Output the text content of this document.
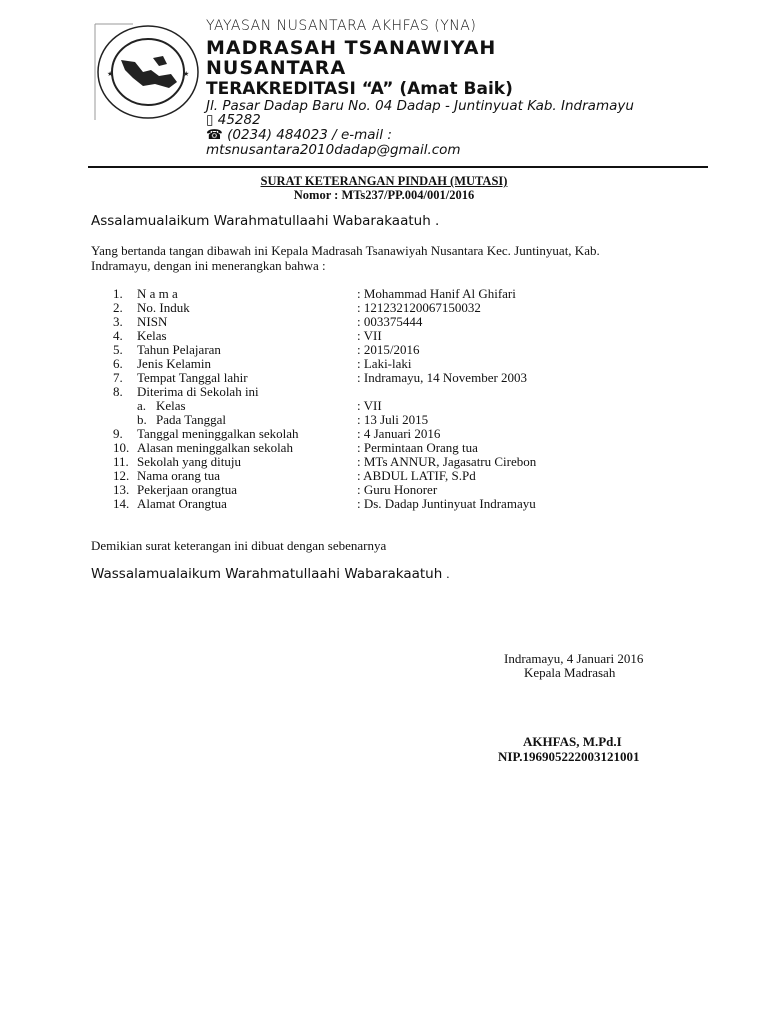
★	★
YAYASAN NUSANTARA AKHFAS (YNA)
MADRASAH TSANAWIYAH
NUSANTARA
TERAKREDITASI “A” (Amat Baik)
Jl. Pasar Dadap Baru No. 04 Dadap - Juntinyuat Kab. Indramayu
▯ 45282
☎ (0234) 484023 / e-mail :
mtsnusantara2010dadap@gmail.com
SURAT KETERANGAN PINDAH (MUTASI)
Nomor : MTs237/PP.004/001/2016
Assalamualaikum Warahmatullaahi Wabarakaatuh .
Yang bertanda tangan dibawah ini Kepala Madrasah Tsanawiyah Nusantara Kec. Juntinyuat, Kab.
Indramayu, dengan ini menerangkan bahwa :
1. N a m a	: Mohammad Hanif Al Ghifari
2. No. Induk	: 121232120067150032
3. NISN	: 003375444
4. Kelas	: VII
5. Tahun Pelajaran	: 2015/2016
6. Jenis Kelamin	: Laki-laki
7. Tempat Tanggal lahir	: Indramayu, 14 November 2003
8. Diterima di Sekolah ini
a. Kelas	: VII
b. Pada Tanggal	: 13 Juli 2015
9. Tanggal meninggalkan sekolah	: 4 Januari 2016
10. Alasan meninggalkan sekolah	: Permintaan Orang tua
11. Sekolah yang dituju	: MTs ANNUR, Jagasatru Cirebon
12. Nama orang tua	: ABDUL LATIF, S.Pd
13. Pekerjaan orangtua	: Guru Honorer
14. Alamat Orangtua	: Ds. Dadap Juntinyuat Indramayu
Demikian surat keterangan ini dibuat dengan sebenarnya
Wassalamualaikum Warahmatullaahi Wabarakaatuh .
Indramayu, 4 Januari 2016
Kepala Madrasah
AKHFAS, M.Pd.I
NIP.196905222003121001
